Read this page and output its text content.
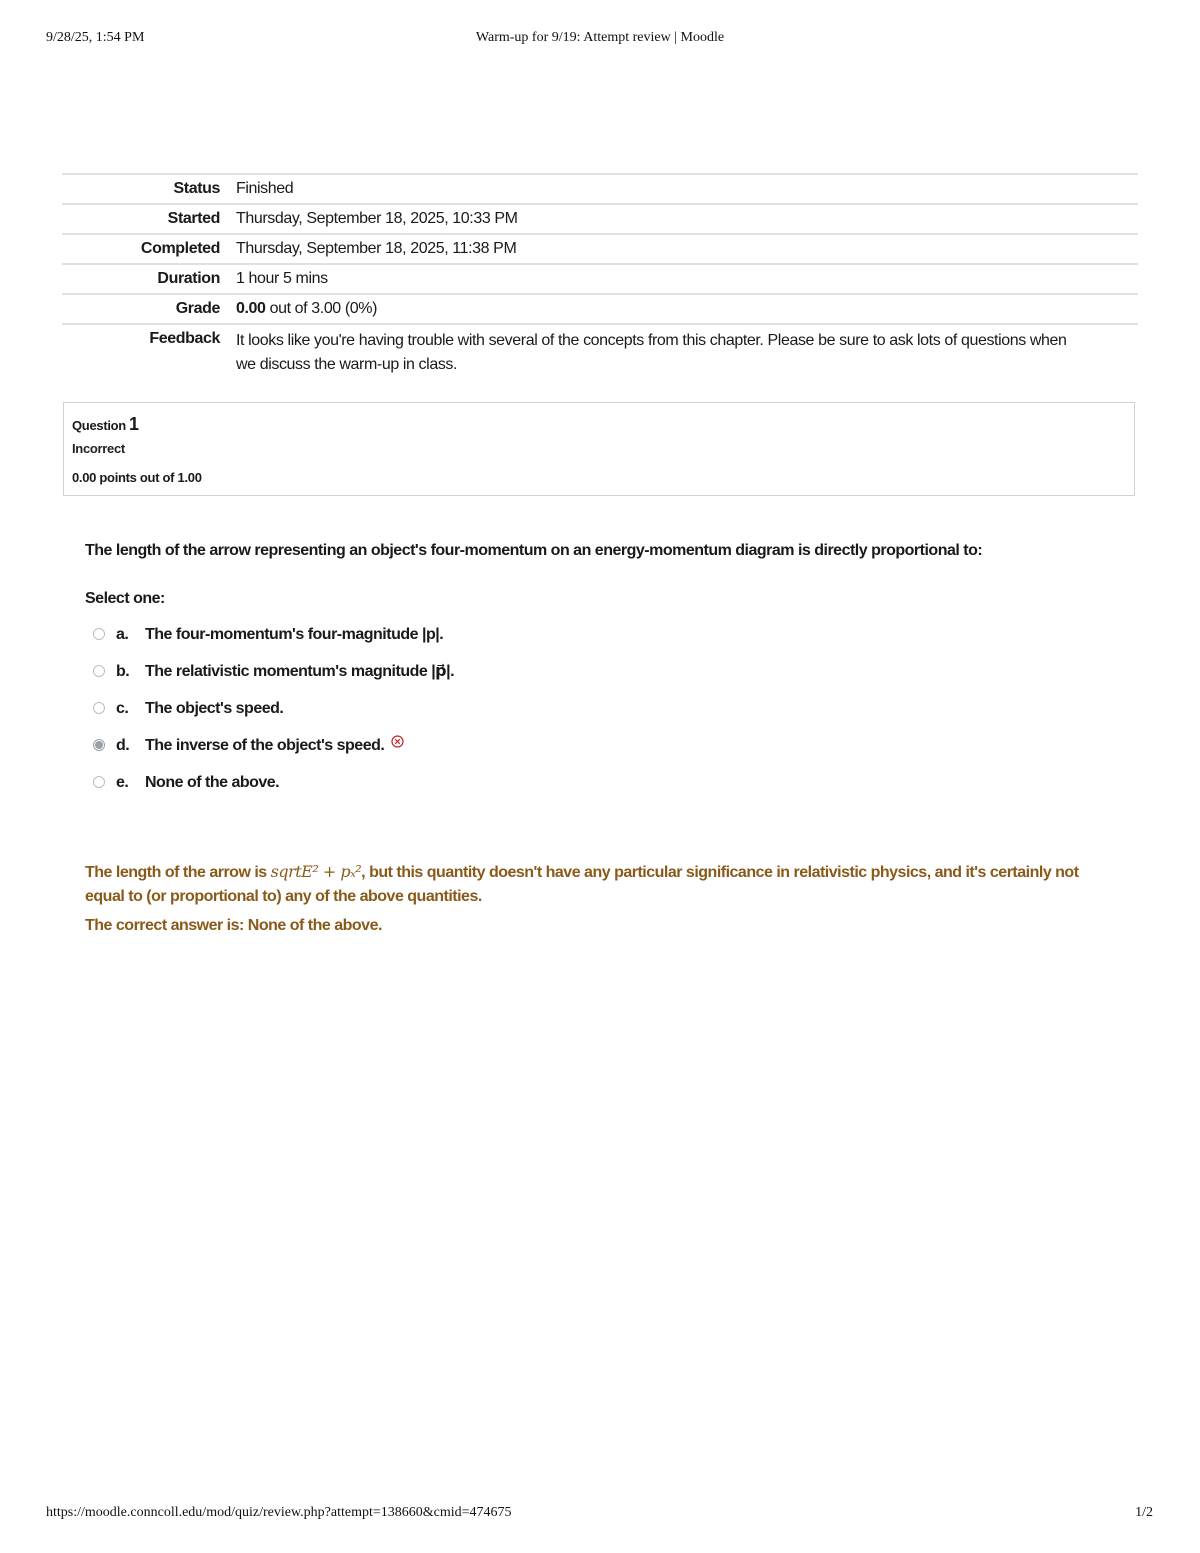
9/28/25, 1:54 PM	Warm-up for 9/19: Attempt review | Moodle
Status	Finished
Started	Thursday, September 18, 2025, 10:33 PM
Completed	Thursday, September 18, 2025, 11:38 PM
Duration	1 hour 5 mins
Grade	0.00 out of 3.00 (0%)
Feedback	It looks like you're having trouble with several of the concepts from this chapter. Please be sure to ask lots of questions when we discuss the warm-up in class.
Question 1
Incorrect
0.00 points out of 1.00
The length of the arrow representing an object's four-momentum on an energy-momentum diagram is directly proportional to:
Select one:
a.	The four-momentum's four-magnitude |p|.
b. The relativistic momentum's magnitude |p⃗|.
c.	The object's speed.
d. The inverse of the object's speed.
e.	None of the above.
The length of the arrow is sqrtE² + pₓ², but this quantity doesn't have any particular significance in relativistic physics, and it's certainly not equal to (or proportional to) any of the above quantities.
The correct answer is: None of the above.
https://moodle.conncoll.edu/mod/quiz/review.php?attempt=138660&cmid=474675	1/2
